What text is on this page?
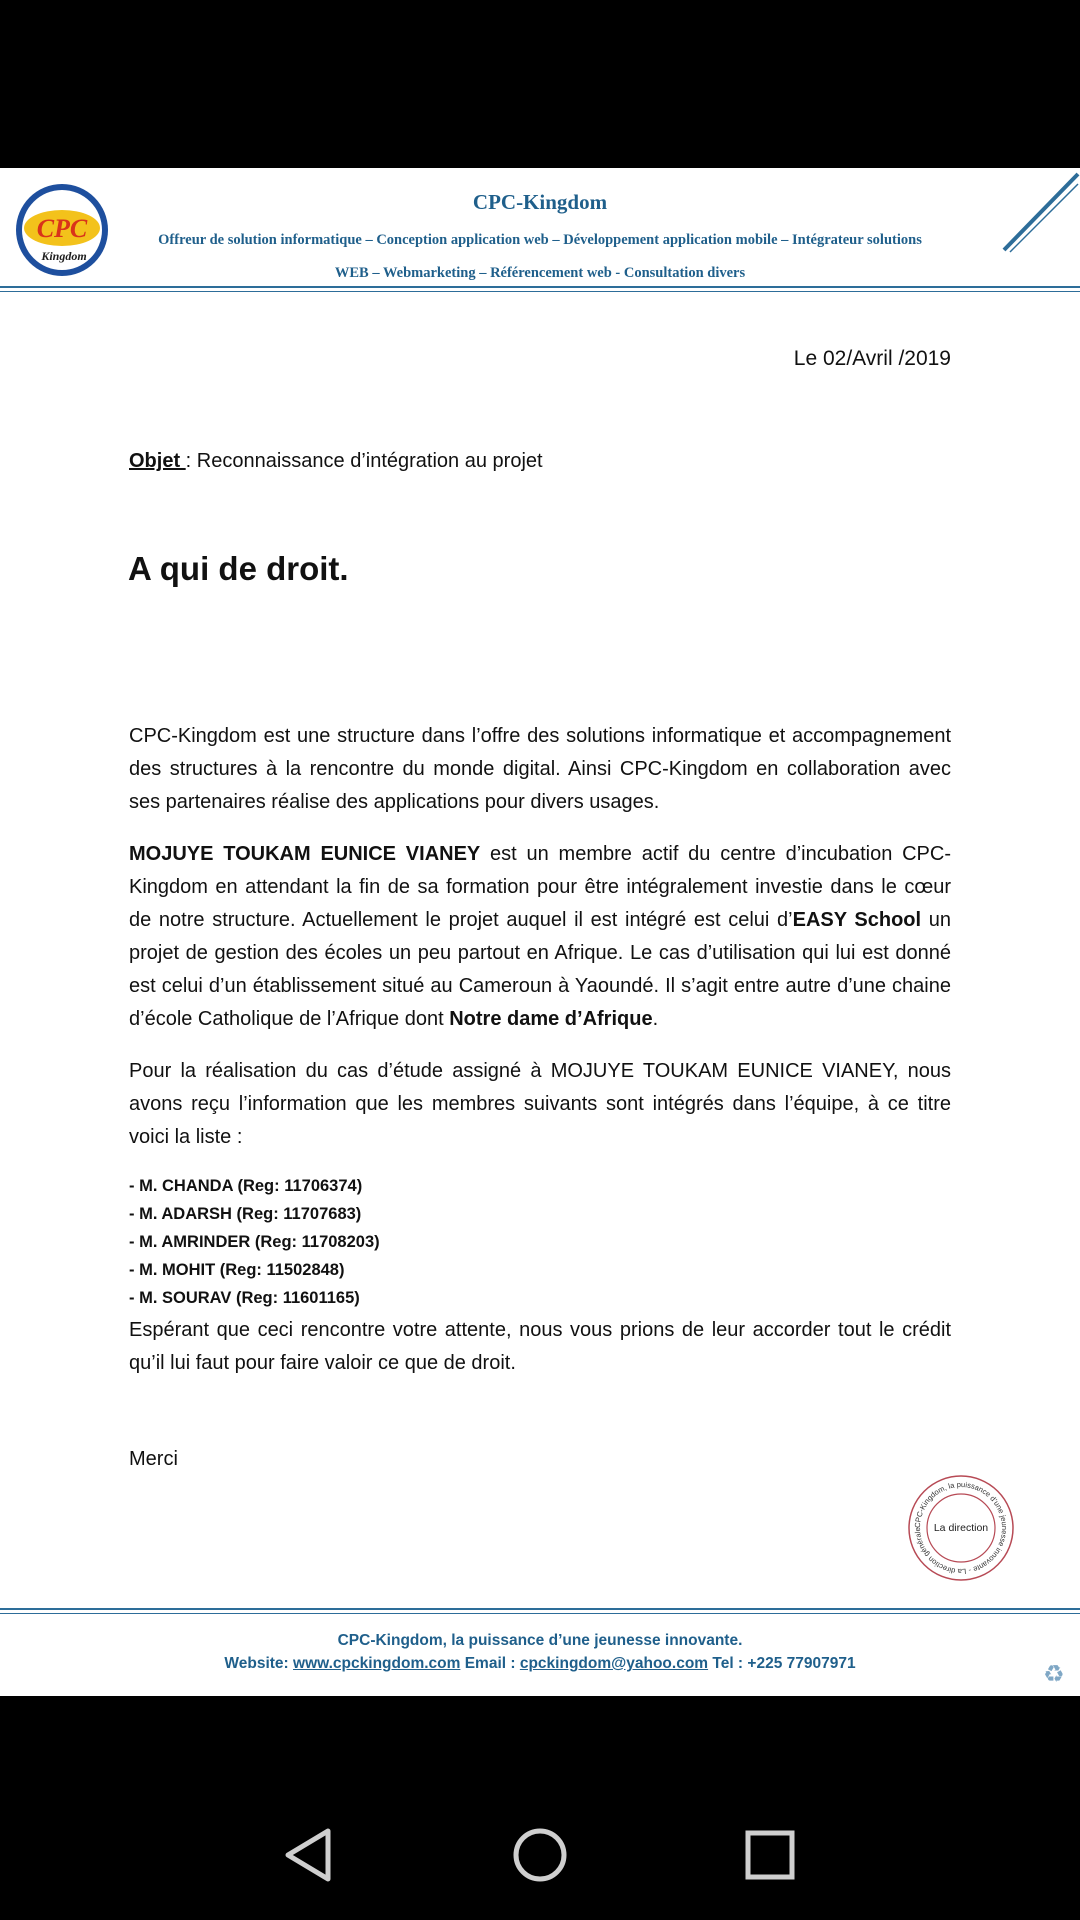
CPC
Kingdom
CPC-Kingdom
Offreur de solution informatique – Conception application web – Développement application mobile – Intégrateur solutions
WEB – Webmarketing – Référencement web - Consultation divers
Le 02/Avril /2019
Objet : Reconnaissance d’intégration au projet
A qui de droit.
CPC-Kingdom est une structure dans l’offre des solutions informatique et accompagnement des structures à la rencontre du monde digital. Ainsi CPC-Kingdom en collaboration avec ses partenaires réalise des applications pour divers usages.
MOJUYE TOUKAM EUNICE VIANEY est un membre actif du centre d’incubation CPC-Kingdom en attendant la fin de sa formation pour être intégralement investie dans le cœur de notre structure. Actuellement le projet auquel il est intégré est celui d’EASY School un projet de gestion des écoles un peu partout en Afrique. Le cas d’utilisation qui lui est donné est celui d’un établissement situé au Cameroun à Yaoundé. Il s’agit entre autre d’une chaine d’école Catholique de l’Afrique dont Notre dame d’Afrique.
Pour la réalisation du cas d’étude assigné à MOJUYE TOUKAM EUNICE VIANEY, nous avons reçu l’information que les membres suivants sont intégrés dans l’équipe, à ce titre voici la liste :
- M. CHANDA (Reg: 11706374)
- M. ADARSH (Reg: 11707683)
- M. AMRINDER (Reg: 11708203)
- M. MOHIT (Reg: 11502848)
- M. SOURAV (Reg: 11601165)
Espérant que ceci rencontre votre attente, nous vous prions de leur accorder tout le crédit qu’il lui faut pour faire valoir ce que de droit.
Merci
CPC-Kingdom, la puissance d’une jeunesse innovante - La direction générale	La direction
CPC-Kingdom, la puissance d’une jeunesse innovante.
Website: www.cpckingdom.com Email : cpckingdom@yahoo.com Tel : +225 77907971	♻
